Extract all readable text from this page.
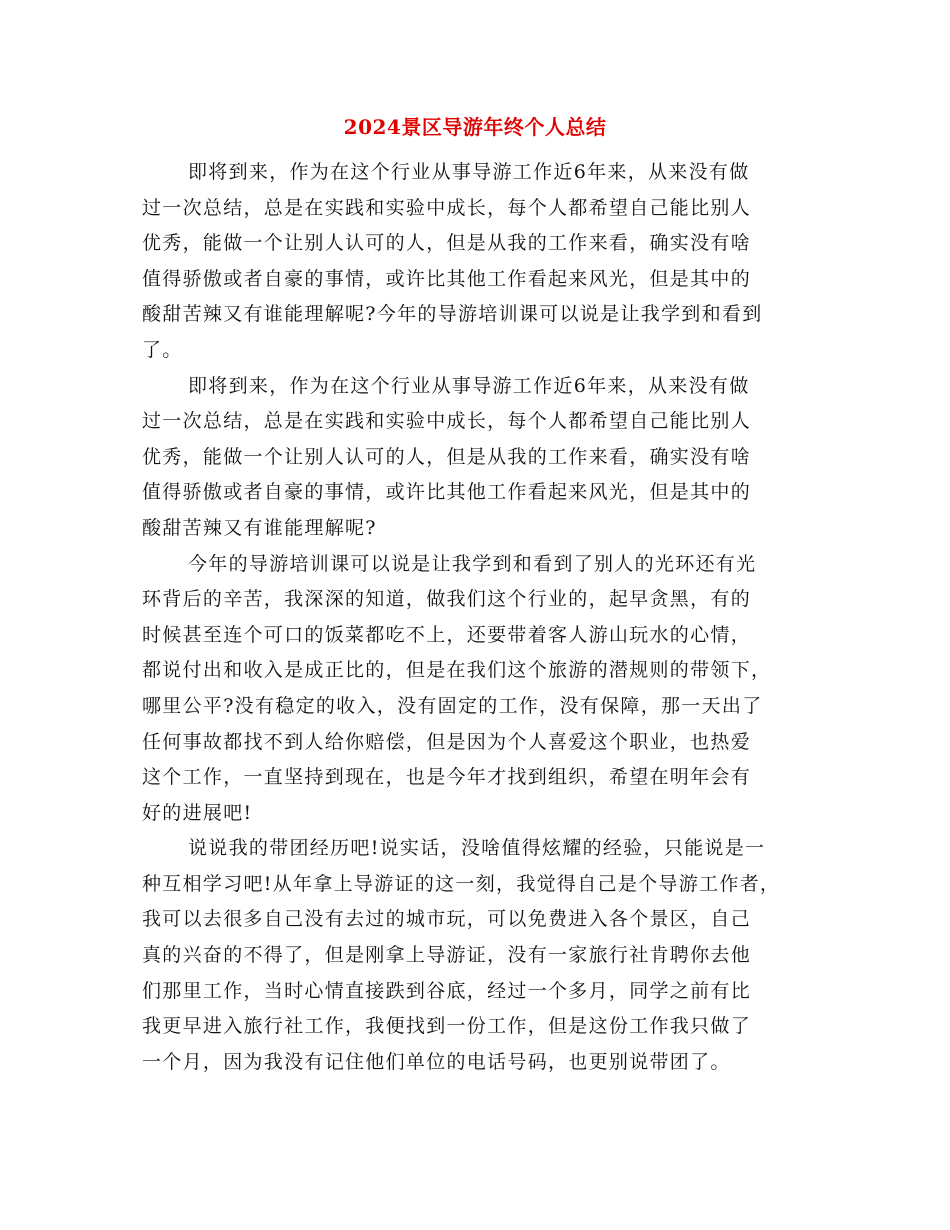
2024景区导游年终个人总结
即将到来，作为在这个行业从事导游工作近6年来，从来没有做
过一次总结，总是在实践和实验中成长，每个人都希望自己能比别人
优秀，能做一个让别人认可的人，但是从我的工作来看，确实没有啥
值得骄傲或者自豪的事情，或许比其他工作看起来风光，但是其中的
酸甜苦辣又有谁能理解呢?今年的导游培训课可以说是让我学到和看到
了。
即将到来，作为在这个行业从事导游工作近6年来，从来没有做
过一次总结，总是在实践和实验中成长，每个人都希望自己能比别人
优秀，能做一个让别人认可的人，但是从我的工作来看，确实没有啥
值得骄傲或者自豪的事情，或许比其他工作看起来风光，但是其中的
酸甜苦辣又有谁能理解呢?
今年的导游培训课可以说是让我学到和看到了别人的光环还有光
环背后的辛苦，我深深的知道，做我们这个行业的，起早贪黑，有的
时候甚至连个可口的饭菜都吃不上，还要带着客人游山玩水的心情，
都说付出和收入是成正比的，但是在我们这个旅游的潜规则的带领下，
哪里公平?没有稳定的收入，没有固定的工作，没有保障，那一天出了
任何事故都找不到人给你赔偿，但是因为个人喜爱这个职业，也热爱
这个工作，一直坚持到现在，也是今年才找到组织，希望在明年会有
好的进展吧!
说说我的带团经历吧!说实话，没啥值得炫耀的经验，只能说是一
种互相学习吧!从年拿上导游证的这一刻，我觉得自己是个导游工作者，
我可以去很多自己没有去过的城市玩，可以免费进入各个景区，自己
真的兴奋的不得了，但是刚拿上导游证，没有一家旅行社肯聘你去他
们那里工作，当时心情直接跌到谷底，经过一个多月，同学之前有比
我更早进入旅行社工作，我便找到一份工作，但是这份工作我只做了
一个月，因为我没有记住他们单位的电话号码，也更别说带团了。
